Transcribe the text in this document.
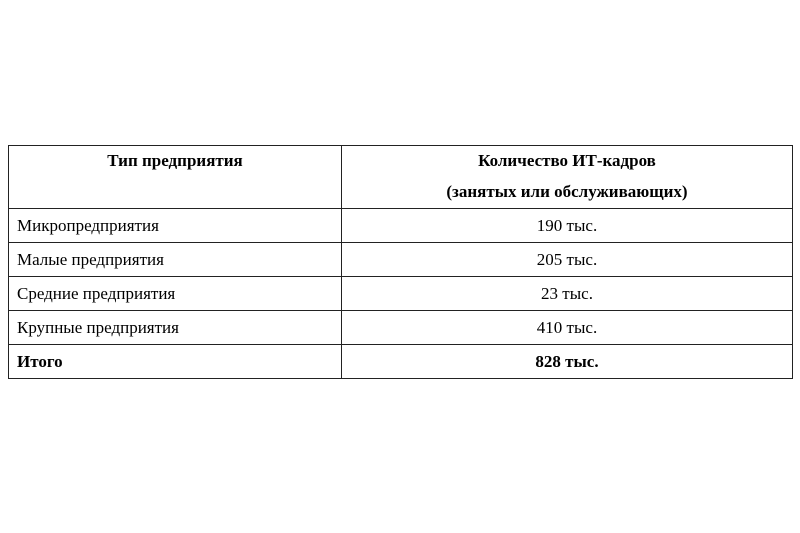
Тип предприятия	Количество ИТ-кадров
(занятых или обслуживающих)

Микропредприятия	190 тыс.
Малые предприятия	205 тыс.
Средние предприятия	23 тыс.
Крупные предприятия	410 тыс.
Итого	828 тыс.
